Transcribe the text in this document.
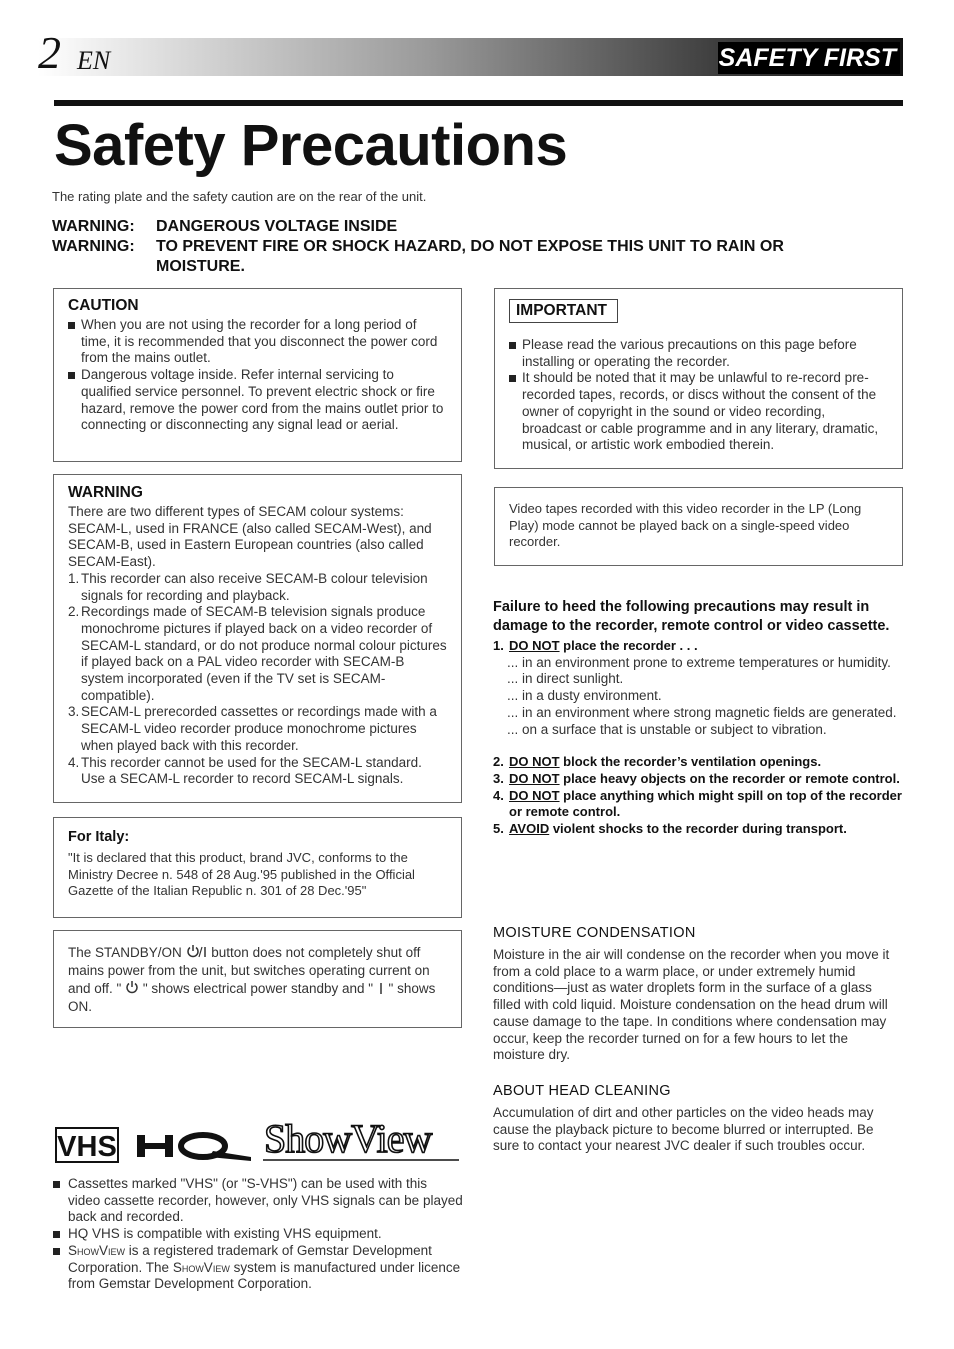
2 EN	SAFETY FIRST
Safety Precautions
The rating plate and the safety caution are on the rear of the unit.
WARNING:	DANGEROUS VOLTAGE INSIDE
WARNING:	TO PREVENT FIRE OR SHOCK HAZARD, DO NOT EXPOSE THIS UNIT TO RAIN OR MOISTURE.
CAUTION
When you are not using the recorder for a long period of time, it is recommended that you disconnect the power cord from the mains outlet.
Dangerous voltage inside. Refer internal servicing to qualified service personnel. To prevent electric shock or fire hazard, remove the power cord from the mains outlet prior to connecting or disconnecting any signal lead or aerial.
WARNING
There are two different types of SECAM colour systems: SECAM-L, used in FRANCE (also called SECAM-West), and SECAM-B, used in Eastern European countries (also called SECAM-East).
1. This recorder can also receive SECAM-B colour television signals for recording and playback.
2. Recordings made of SECAM-B television signals produce monochrome pictures if played back on a video recorder of SECAM-L standard, or do not produce normal colour pictures if played back on a PAL video recorder with SECAM-B system incorporated (even if the TV set is SECAM-compatible).
3. SECAM-L prerecorded cassettes or recordings made with a SECAM-L video recorder produce monochrome pictures when played back with this recorder.
4. This recorder cannot be used for the SECAM-L standard. Use a SECAM-L recorder to record SECAM-L signals.
For Italy:
"It is declared that this product, brand JVC, conforms to the Ministry Decree n. 548 of 28 Aug.'95 published in the Official Gazette of the Italian Republic n. 301 of 28 Dec.'95"
The STANDBY/ON  button does not completely shut off mains power from the unit, but switches operating current on and off. "  " shows electrical power standby and "  " shows ON.
VHS	ShowView
Cassettes marked "VHS" (or "S-VHS") can be used with this video cassette recorder, however, only VHS signals can be played back and recorded.
HQ VHS is compatible with existing VHS equipment.
ShowView is a registered trademark of Gemstar Development Corporation. The ShowView system is manufactured under licence from Gemstar Development Corporation.
IMPORTANT
Please read the various precautions on this page before installing or operating the recorder.
It should be noted that it may be unlawful to re-record pre-recorded tapes, records, or discs without the consent of the owner of copyright in the sound or video recording, broadcast or cable programme and in any literary, dramatic, musical, or artistic work embodied therein.
Video tapes recorded with this video recorder in the LP (Long Play) mode cannot be played back on a single-speed video recorder.
Failure to heed the following precautions may result in damage to the recorder, remote control or video cassette.
1. DO NOT place the recorder . . .
... in an environment prone to extreme temperatures or humidity.
... in direct sunlight.
... in a dusty environment.
... in an environment where strong magnetic fields are generated.
... on a surface that is unstable or subject to vibration.
2. DO NOT block the recorder’s ventilation openings.
3. DO NOT place heavy objects on the recorder or remote control.
4. DO NOT place anything which might spill on top of the recorder or remote control.
5. AVOID violent shocks to the recorder during transport.
MOISTURE CONDENSATION
Moisture in the air will condense on the recorder when you move it from a cold place to a warm place, or under extremely humid conditions—just as water droplets form in the surface of a glass filled with cold liquid. Moisture condensation on the head drum will cause damage to the tape. In conditions where condensation may occur, keep the recorder turned on for a few hours to let the moisture dry.
ABOUT HEAD CLEANING
Accumulation of dirt and other particles on the video heads may cause the playback picture to become blurred or interrupted. Be sure to contact your nearest JVC dealer if such troubles occur.
